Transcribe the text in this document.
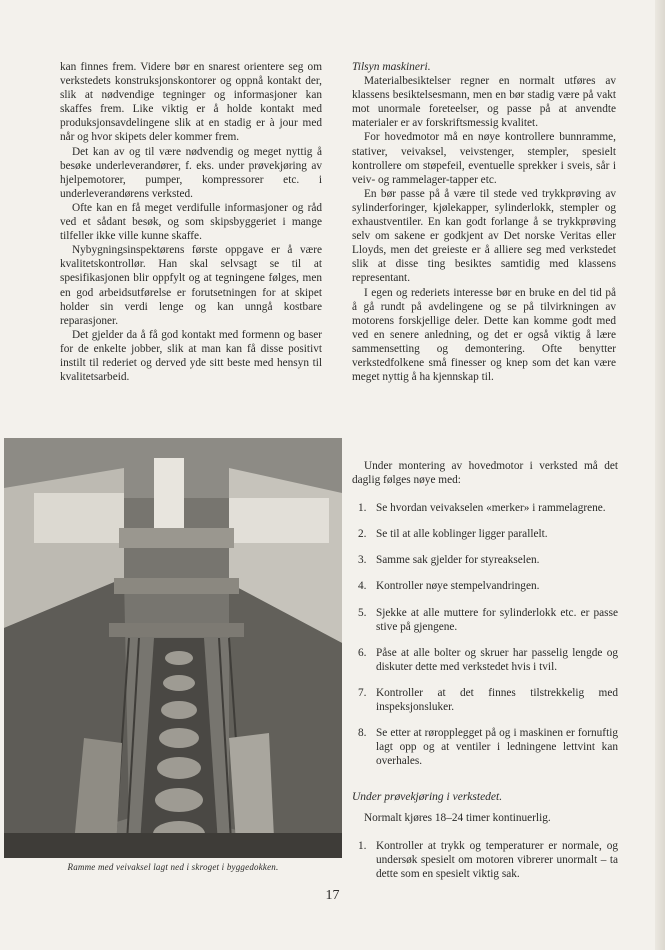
kan finnes frem. Videre bør en snarest orientere seg om verkstedets konstruksjonskontorer og oppnå kontakt der, slik at nødvendige tegninger og informasjoner kan skaffes frem. Like viktig er å holde kontakt med produksjonsavdelingene slik at en stadig er à jour med når og hvor skipets deler kommer frem.

Det kan av og til være nødvendig og meget nyttig å besøke underleverandører, f. eks. under prøvekjøring av hjelpemotorer, pumper, kompressorer etc. i underleverandørens verksted.

Ofte kan en få meget verdifulle informasjoner og råd ved et sådant besøk, og som skipsbyggeriet i mange tilfeller ikke ville kunne skaffe.

Nybygningsinspektørens første oppgave er å være kvalitetskontrollør. Han skal selvsagt se til at spesifikasjonen blir oppfylt og at tegningene følges, men en god arbeidsutførelse er forutsetningen for at skipet holder sin verdi lenge og kan unngå kostbare reparasjoner.

Det gjelder da å få god kontakt med formenn og baser for de enkelte jobber, slik at man kan få disse positivt instilt til rederiet og derved yde sitt beste med hensyn til kvalitetsarbeid.

Tilsyn maskineri.

Materialbesiktelser regner en normalt utføres av klassens besiktelsesmann, men en bør stadig være på vakt mot unormale foreteelser, og passe på at anvendte materialer er av forskriftsmessig kvalitet.

For hovedmotor må en nøye kontrollere bunnramme, stativer, veivaksel, veivstenger, stempler, spesielt kontrollere om støpefeil, eventuelle sprekker i sveis, sår i veiv- og rammelager-tapper etc.

En bør passe på å være til stede ved trykkprøving av sylinderforinger, kjølekapper, sylinderlokk, stempler og exhaustventiler. En kan godt forlange å se trykkprøving selv om sakene er godkjent av Det norske Veritas eller Lloyds, men det greieste er å alliere seg med verkstedet slik at disse ting besiktes samtidig med klassens representant.

I egen og rederiets interesse bør en bruke en del tid på å gå rundt på avdelingene og se på tilvirkningen av motorens forskjellige deler. Dette kan komme godt med ved en senere anledning, og det er også viktig å lære sammensetting og demontering. Ofte benytter verkstedfolkene små finesser og knep som det kan være meget nyttig å ha kjennskap til.

Ramme med veivaksel lagt ned i skroget i byggedokken.

Under montering av hovedmotor i verksted må det daglig følges nøye med:

1. Se hvordan veivakselen «merker» i rammelagrene.
2. Se til at alle koblinger ligger parallelt.
3. Samme sak gjelder for styreakselen.
4. Kontroller nøye stempelvandringen.
5. Sjekke at alle muttere for sylinderlokk etc. er passe stive på gjengene.
6. Påse at alle bolter og skruer har passelig lengde og diskuter dette med verkstedet hvis i tvil.
7. Kontroller at det finnes tilstrekkelig med inspeksjonsluker.
8. Se etter at røropplegget på og i maskinen er fornuftig lagt opp og at ventiler i ledningene lettvint kan overhales.
Under prøvekjøring i verkstedet.

Normalt kjøres 18–24 timer kontinuerlig.

1. Kontroller at trykk og temperaturer er normale, og undersøk spesielt om motoren vibrerer unormalt – ta dette som en spesielt viktig sak.
17
